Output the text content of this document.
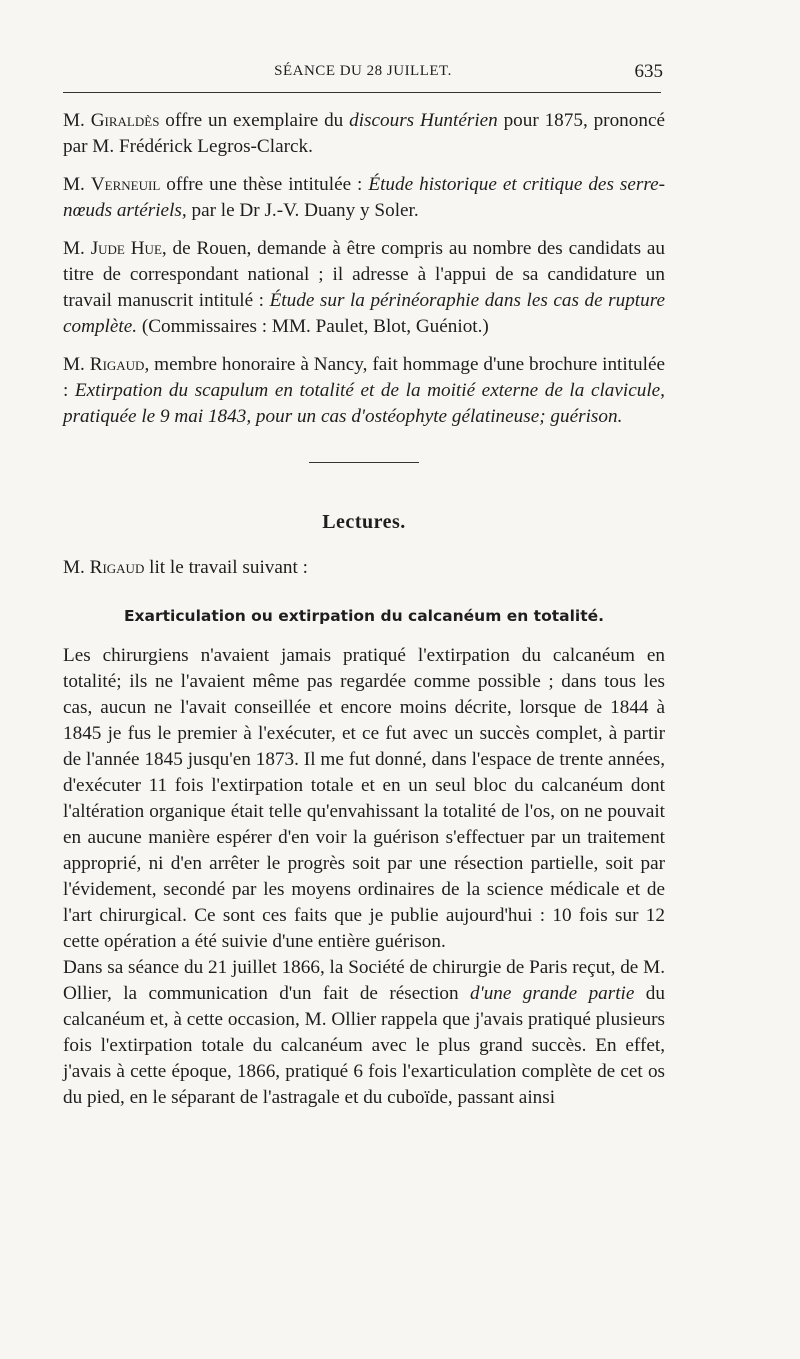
SÉANCE DU 28 JUILLET.	635

M. Giraldès offre un exemplaire du discours Huntérien pour 1875, prononcé par M. Frédérick Legros-Clarck.

M. Verneuil offre une thèse intitulée : Étude historique et critique des serre-nœuds artériels, par le Dr J.-V. Duany y Soler.

M. Jude Hue, de Rouen, demande à être compris au nombre des candidats au titre de correspondant national ; il adresse à l'appui de sa candidature un travail manuscrit intitulé : Étude sur la périnéoraphie dans les cas de rupture complète. (Commissaires : MM. Paulet, Blot, Guéniot.)

M. Rigaud, membre honoraire à Nancy, fait hommage d'une brochure intitulée : Extirpation du scapulum en totalité et de la moitié externe de la clavicule, pratiquée le 9 mai 1843, pour un cas d'ostéophyte gélatineuse; guérison.

Lectures.

M. Rigaud lit le travail suivant :

Exarticulation ou extirpation du calcanéum en totalité.

Les chirurgiens n'avaient jamais pratiqué l'extirpation du calcanéum en totalité; ils ne l'avaient même pas regardée comme possible ; dans tous les cas, aucun ne l'avait conseillée et encore moins décrite, lorsque de 1844 à 1845 je fus le premier à l'exécuter, et ce fut avec un succès complet, à partir de l'année 1845 jusqu'en 1873. Il me fut donné, dans l'espace de trente années, d'exécuter 11 fois l'extirpation totale et en un seul bloc du calcanéum dont l'altération organique était telle qu'envahissant la totalité de l'os, on ne pouvait en aucune manière espérer d'en voir la guérison s'effectuer par un traitement approprié, ni d'en arrêter le progrès soit par une résection partielle, soit par l'évidement, secondé par les moyens ordinaires de la science médicale et de l'art chirurgical. Ce sont ces faits que je publie aujourd'hui : 10 fois sur 12 cette opération a été suivie d'une entière guérison.

Dans sa séance du 21 juillet 1866, la Société de chirurgie de Paris reçut, de M. Ollier, la communication d'un fait de résection d'une grande partie du calcanéum et, à cette occasion, M. Ollier rappela que j'avais pratiqué plusieurs fois l'extirpation totale du calcanéum avec le plus grand succès. En effet, j'avais à cette époque, 1866, pratiqué 6 fois l'exarticulation complète de cet os du pied, en le séparant de l'astragale et du cuboïde, passant ainsi
